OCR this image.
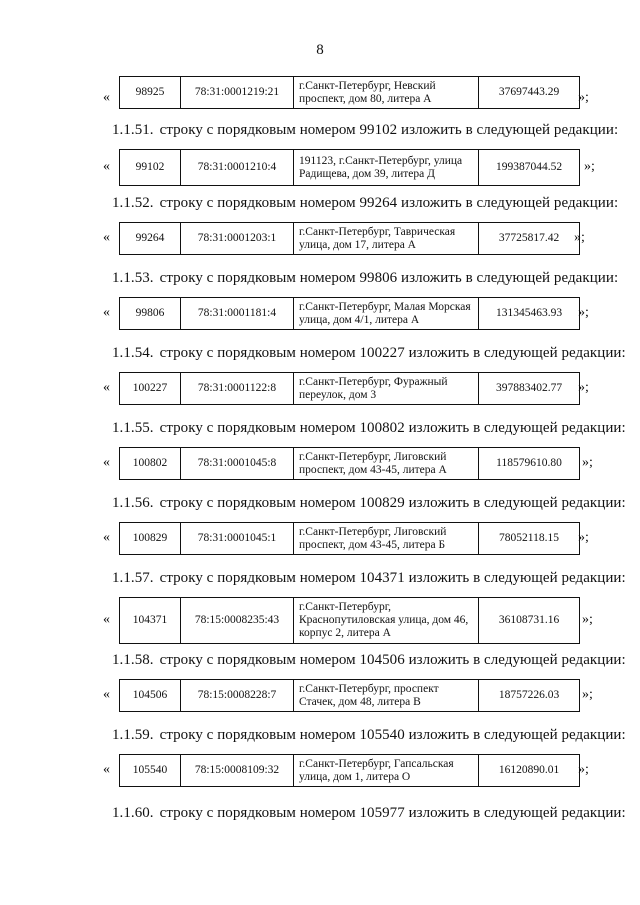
8
« 98925	78:31:0001219:21	г.Санкт-Петербург, Невский проспект, дом 80, литера А	37697443.29 »;
1.1.51. строку с порядковым номером 99102 изложить в следующей редакции:
« 99102	78:31:0001210:4	191123, г.Санкт-Петербург, улица Радищева, дом 39, литера Д	199387044.52 »;
1.1.52. строку с порядковым номером 99264 изложить в следующей редакции:
« 99264	78:31:0001203:1	г.Санкт-Петербург, Таврическая улица, дом 17, литера А	37725817.42 »;
1.1.53. строку с порядковым номером 99806 изложить в следующей редакции:
« 99806	78:31:0001181:4	г.Санкт-Петербург, Малая Морская улица, дом 4/1, литера А	131345463.93 »;
1.1.54. строку с порядковым номером 100227 изложить в следующей редакции:
« 100227	78:31:0001122:8	г.Санкт-Петербург, Фуражный переулок, дом 3	397883402.77 »;
1.1.55. строку с порядковым номером 100802 изложить в следующей редакции:
« 100802	78:31:0001045:8	г.Санкт-Петербург, Лиговский проспект, дом 43-45, литера А	118579610.80 »;
1.1.56. строку с порядковым номером 100829 изложить в следующей редакции:
« 100829	78:31:0001045:1	г.Санкт-Петербург, Лиговский проспект, дом 43-45, литера Б	78052118.15 »;
1.1.57. строку с порядковым номером 104371 изложить в следующей редакции:
« 104371	78:15:0008235:43	г.Санкт-Петербург, Краснопутиловская улица, дом 46, корпус 2, литера А	36108731.16 »;
1.1.58. строку с порядковым номером 104506 изложить в следующей редакции:
« 104506	78:15:0008228:7	г.Санкт-Петербург, проспект Стачек, дом 48, литера В	18757226.03 »;
1.1.59. строку с порядковым номером 105540 изложить в следующей редакции:
« 105540	78:15:0008109:32	г.Санкт-Петербург, Гапсальская улица, дом 1, литера О	16120890.01 »;
1.1.60. строку с порядковым номером 105977 изложить в следующей редакции:
